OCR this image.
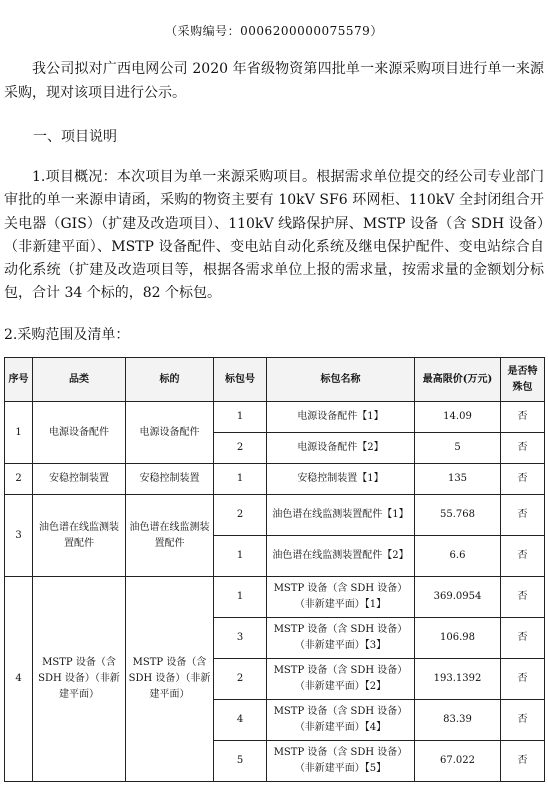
（采购编号：0006200000075579）
我公司拟对广西电网公司 2020 年省级物资第四批单一来源采购项目进行单一来源采购，现对该项目进行公示。
一、项目说明
1.项目概况：本次项目为单一来源采购项目。根据需求单位提交的经公司专业部门审批的单一来源申请函，采购的物资主要有 10kV SF6 环网柜、110kV 全封闭组合开关电器（GIS）（扩建及改造项目）、110kV 线路保护屏、MSTP 设备（含 SDH 设备）（非新建平面）、MSTP 设备配件、变电站自动化系统及继电保护配件、变电站综合自动化系统（扩建及改造项目等，根据各需求单位上报的需求量，按需求量的金额划分标包，合计 34 个标的，82 个标包。
2.采购范围及清单：
序号	品类	标的	标包号	标包名称	最高限价(万元)	是否特殊包
1	电源设备配件	电源设备配件	1	电源设备配件【1】	14.09	否
			2	电源设备配件【2】	5	否
2	安稳控制装置	安稳控制装置	1	安稳控制装置【1】	135	否
3	油色谱在线监测装置配件	油色谱在线监测装置配件	2	油色谱在线监测装置配件【1】	55.768	否
			1	油色谱在线监测装置配件【2】	6.6	否
4	MSTP 设备（含 SDH 设备）（非新建平面）	MSTP 设备（含 SDH 设备）（非新建平面）	1	MSTP 设备（含 SDH 设备）（非新建平面）【1】	369.0954	否
			3	MSTP 设备（含 SDH 设备）（非新建平面）【3】	106.98	否
			2	MSTP 设备（含 SDH 设备）（非新建平面）【2】	193.1392	否
			4	MSTP 设备（含 SDH 设备）（非新建平面）【4】	83.39	否
			5	MSTP 设备（含 SDH 设备）（非新建平面）【5】	67.022	否
